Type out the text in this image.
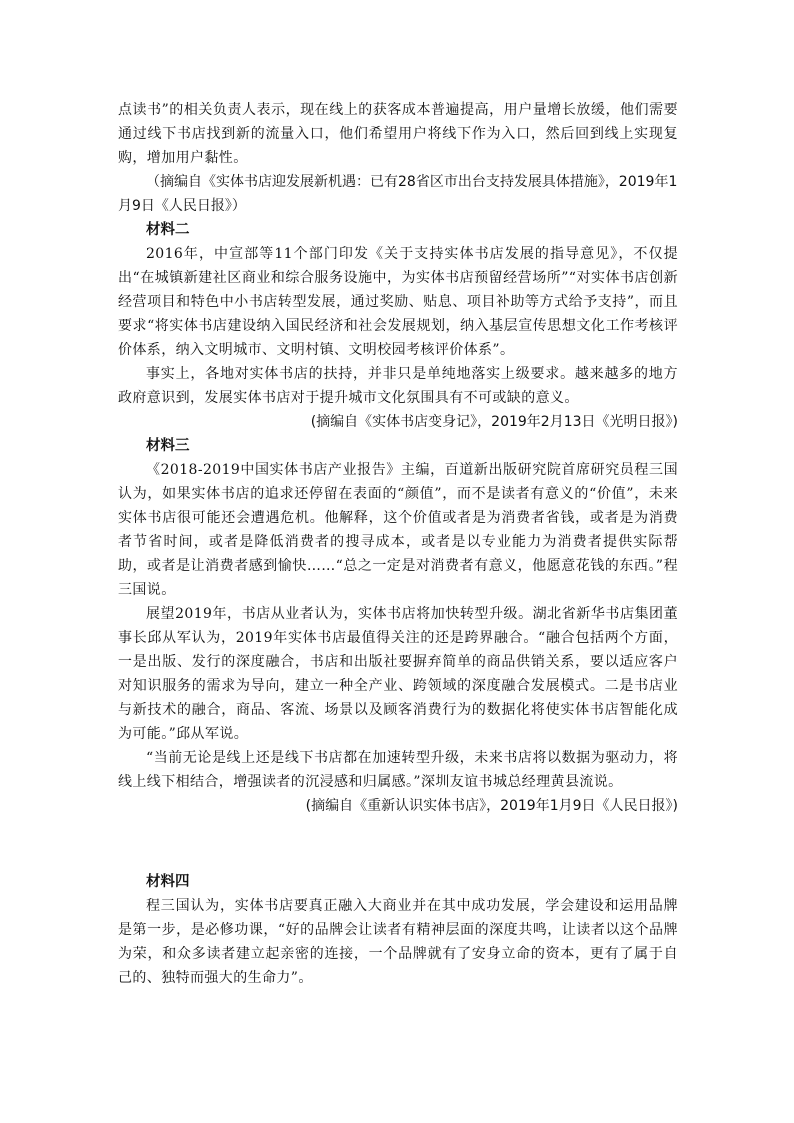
点读书”的相关负责人表示，现在线上的获客成本普遍提高，用户量增长放缓，他们需要通过线下书店找到新的流量入口，他们希望用户将线下作为入口，然后回到线上实现复购，增加用户黏性。

（摘编自《实体书店迎发展新机遇：已有28省区市出台支持发展具体措施》，2019年1月9日《人民日报》）

材料二

2016年，中宣部等11个部门印发《关于支持实体书店发展的指导意见》，不仅提出“在城镇新建社区商业和综合服务设施中，为实体书店预留经营场所”“对实体书店创新经营项目和特色中小书店转型发展，通过奖励、贴息、项目补助等方式给予支持”，而且要求“将实体书店建设纳入国民经济和社会发展规划，纳入基层宣传思想文化工作考核评价体系，纳入文明城市、文明村镇、文明校园考核评价体系”。

事实上，各地对实体书店的扶持，并非只是单纯地落实上级要求。越来越多的地方政府意识到，发展实体书店对于提升城市文化氛围具有不可或缺的意义。

(摘编自《实体书店变身记》，2019年2月13日《光明日报》)

材料三

《2018-2019中国实体书店产业报告》主编，百道新出版研究院首席研究员程三国认为，如果实体书店的追求还停留在表面的“颜值”，而不是读者有意义的“价值”，未来实体书店很可能还会遭遇危机。他解释，这个价值或者是为消费者省钱，或者是为消费者节省时间，或者是降低消费者的搜寻成本，或者是以专业能力为消费者提供实际帮助，或者是让消费者感到愉快……“总之一定是对消费者有意义，他愿意花钱的东西。”程三国说。

展望2019年，书店从业者认为，实体书店将加快转型升级。湖北省新华书店集团董事长邱从军认为，2019年实体书店最值得关注的还是跨界融合。“融合包括两个方面，一是出版、发行的深度融合，书店和出版社要摒弃简单的商品供销关系，要以适应客户对知识服务的需求为导向，建立一种全产业、跨领域的深度融合发展模式。二是书店业与新技术的融合，商品、客流、场景以及顾客消费行为的数据化将使实体书店智能化成为可能。”邱从军说。

“当前无论是线上还是线下书店都在加速转型升级，未来书店将以数据为驱动力，将线上线下相结合，增强读者的沉浸感和归属感。”深圳友谊书城总经理黄县流说。

(摘编自《重新认识实体书店》，2019年1月9日《人民日报》)

材料四

程三国认为，实体书店要真正融入大商业并在其中成功发展，学会建设和运用品牌是第一步，是必修功课，“好的品牌会让读者有精神层面的深度共鸣，让读者以这个品牌为荣，和众多读者建立起亲密的连接，一个品牌就有了安身立命的资本，更有了属于自己的、独特而强大的生命力”。
